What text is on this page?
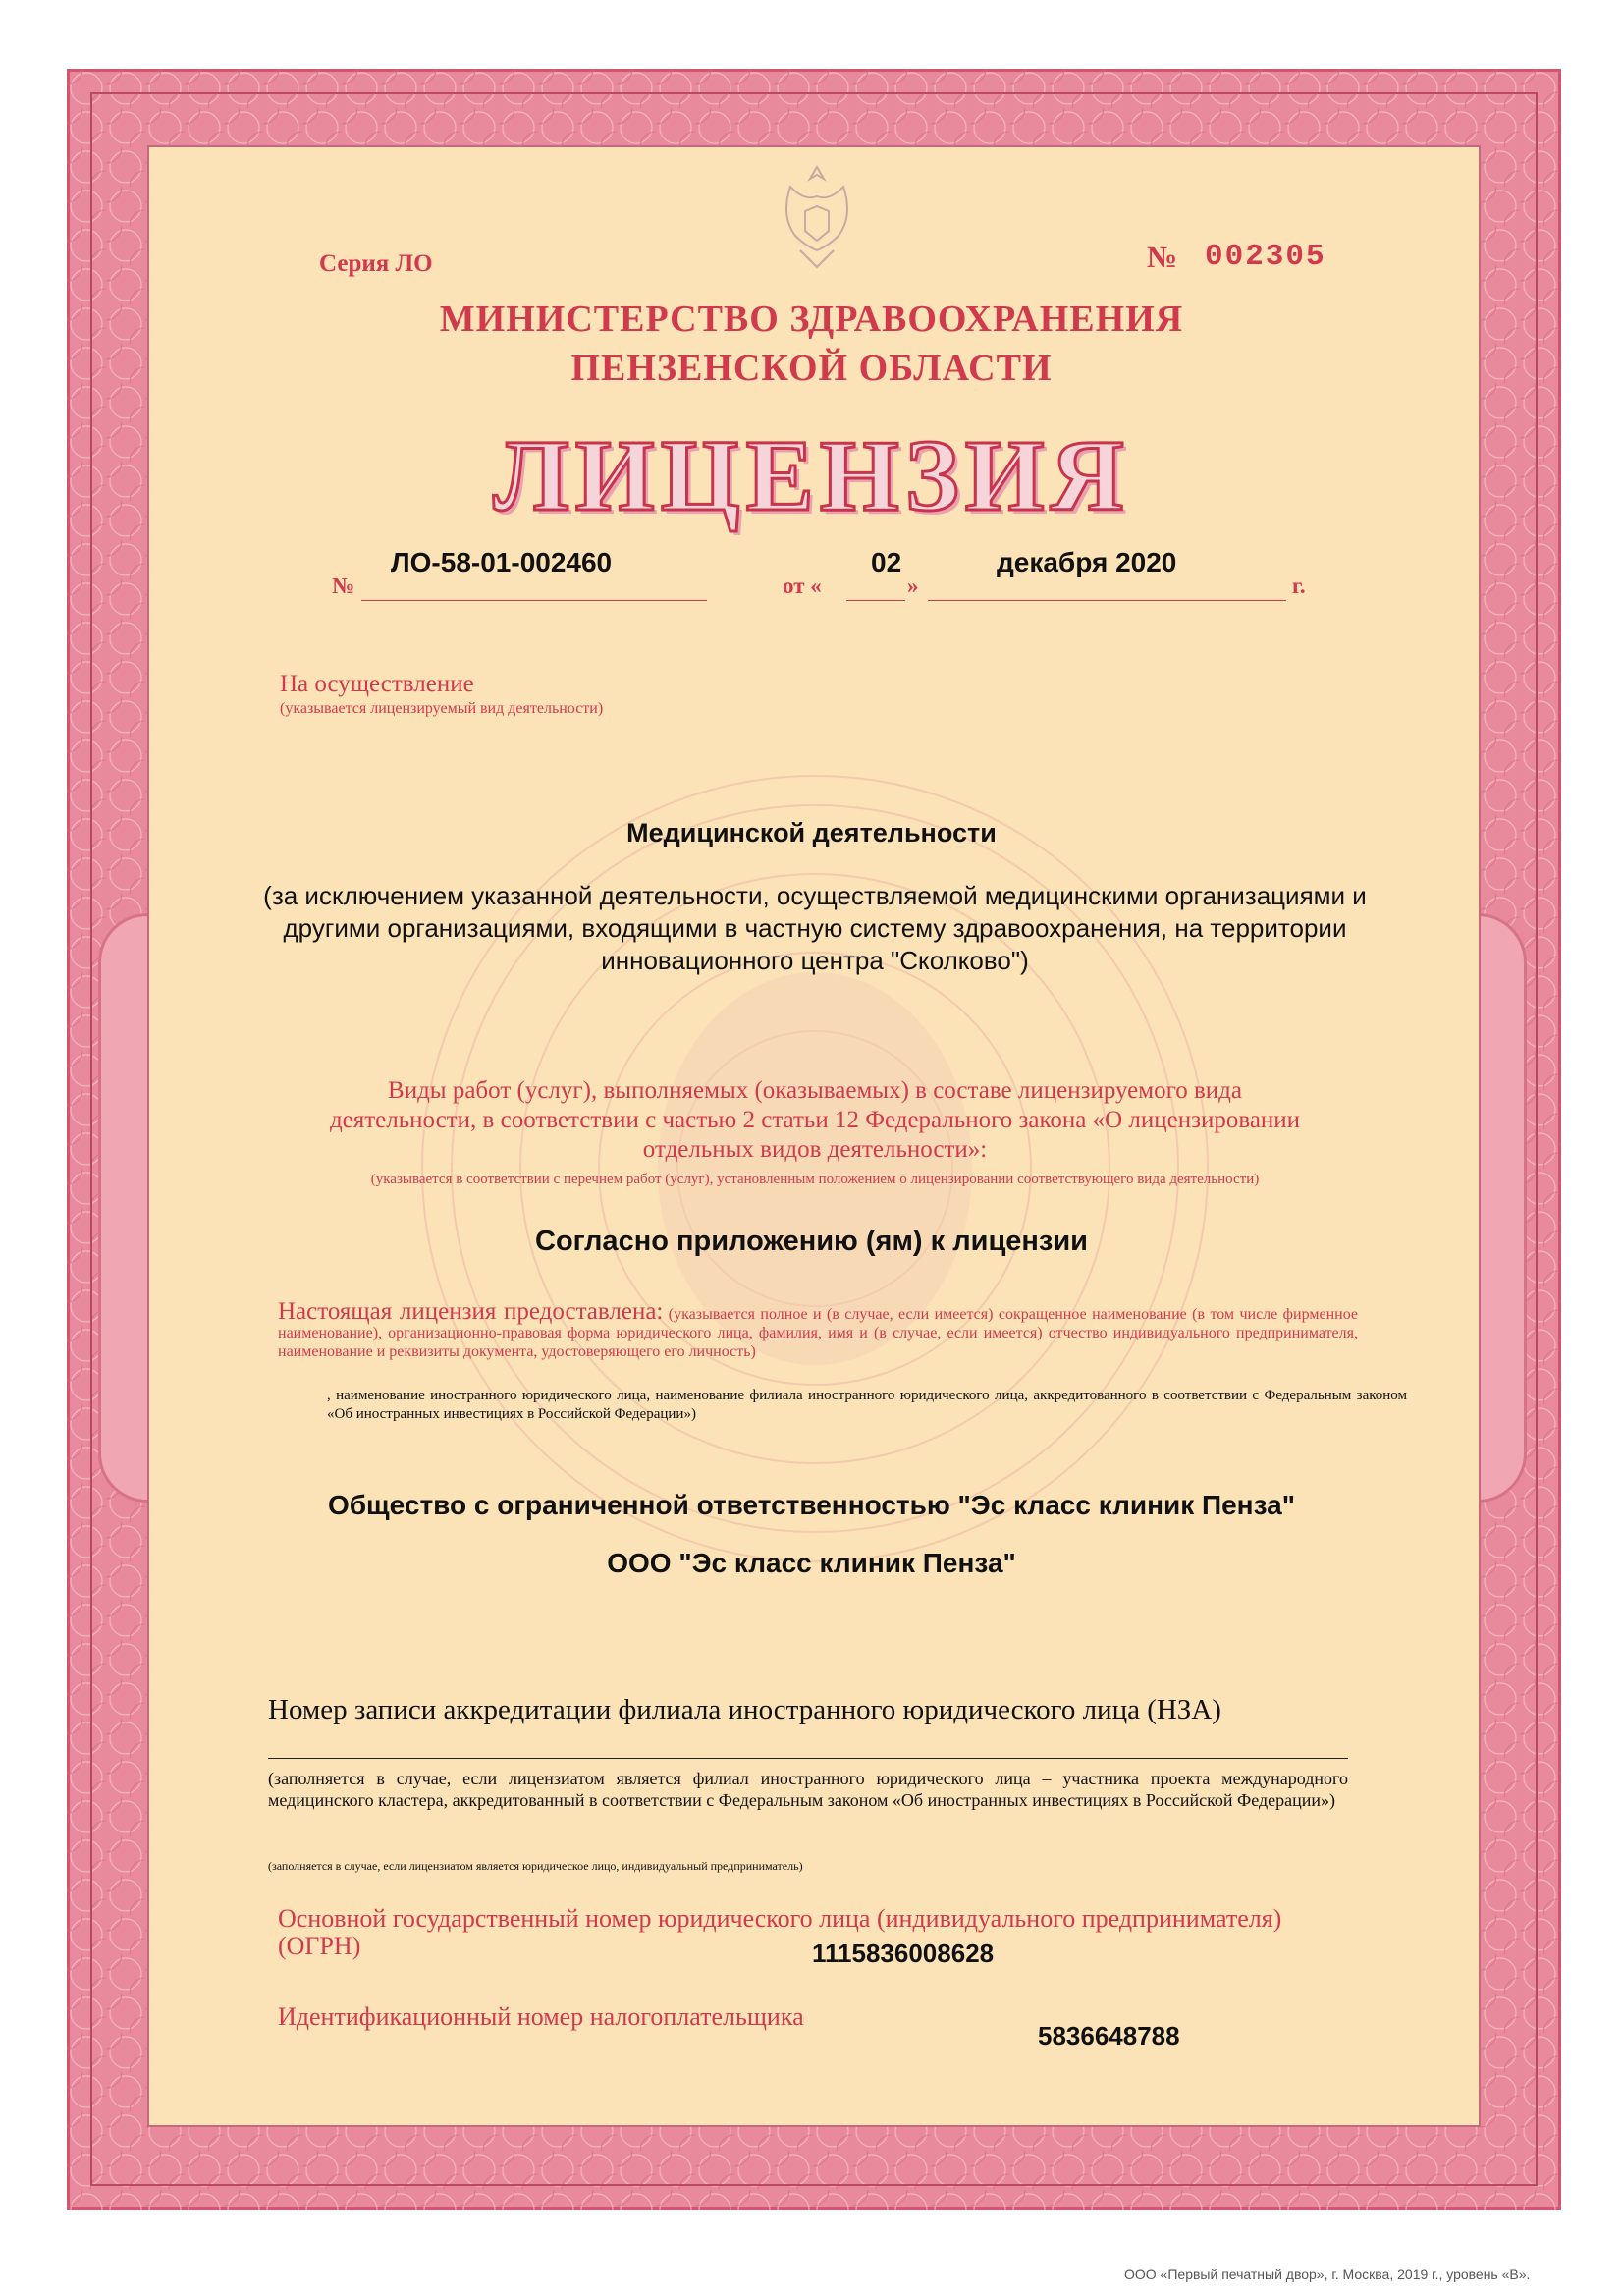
Серия ЛО	№ 002305

МИНИСТЕРСТВО ЗДРАВООХРАНЕНИЯ

ПЕНЗЕНСКОЙ ОБЛАСТИ

ЛИЦЕНЗИЯ

№

ЛО-58-01-002460

от «

02

»

декабря 2020

г.

На осуществление

(указывается лицензируемый вид деятельности)

Медицинской деятельности

(за исключением указанной деятельности, осуществляемой медицинскими организациями и другими организациями, входящими в частную систему здравоохранения, на территории инновационного центра "Сколково")

Виды работ (услуг), выполняемых (оказываемых) в составе лицензируемого вида деятельности, в соответствии с частью 2 статьи 12 Федерального закона «О лицензировании отдельных видов деятельности»:

(указывается в соответствии с перечнем работ (услуг), установленным положением о лицензировании соответствующего вида деятельности)

Согласно приложению (ям) к лицензии

Настоящая лицензия предоставлена: (указывается полное и (в случае, если имеется) сокращенное наименование (в том числе фирменное наименование), организационно-правовая форма юридического лица, фамилия, имя и (в случае, если имеется) отчество индивидуального предпринимателя, наименование и реквизиты документа, удостоверяющего его личность)

, наименование иностранного юридического лица, наименование филиала иностранного юридического лица, аккредитованного в соответствии с Федеральным законом «Об иностранных инвестициях в Российской Федерации»)

Общество с ограниченной ответственностью "Эс класс клиник Пенза"

ООО "Эс класс клиник Пенза"

Номер записи аккредитации филиала иностранного юридического лица (НЗА)

(заполняется в случае, если лицензиатом является филиал иностранного юридического лица – участника проекта международного медицинского кластера, аккредитованный в соответствии с Федеральным законом «Об иностранных инвестициях в Российской Федерации»)

(заполняется в случае, если лицензиатом является юридическое лицо, индивидуальный предприниматель)

Основной государственный номер юридического лица (индивидуального предпринимателя) (ОГРН)	1115836008628

Идентификационный номер налогоплательщика

5836648788

ООО «Первый печатный двор», г. Москва, 2019 г., уровень «В».
